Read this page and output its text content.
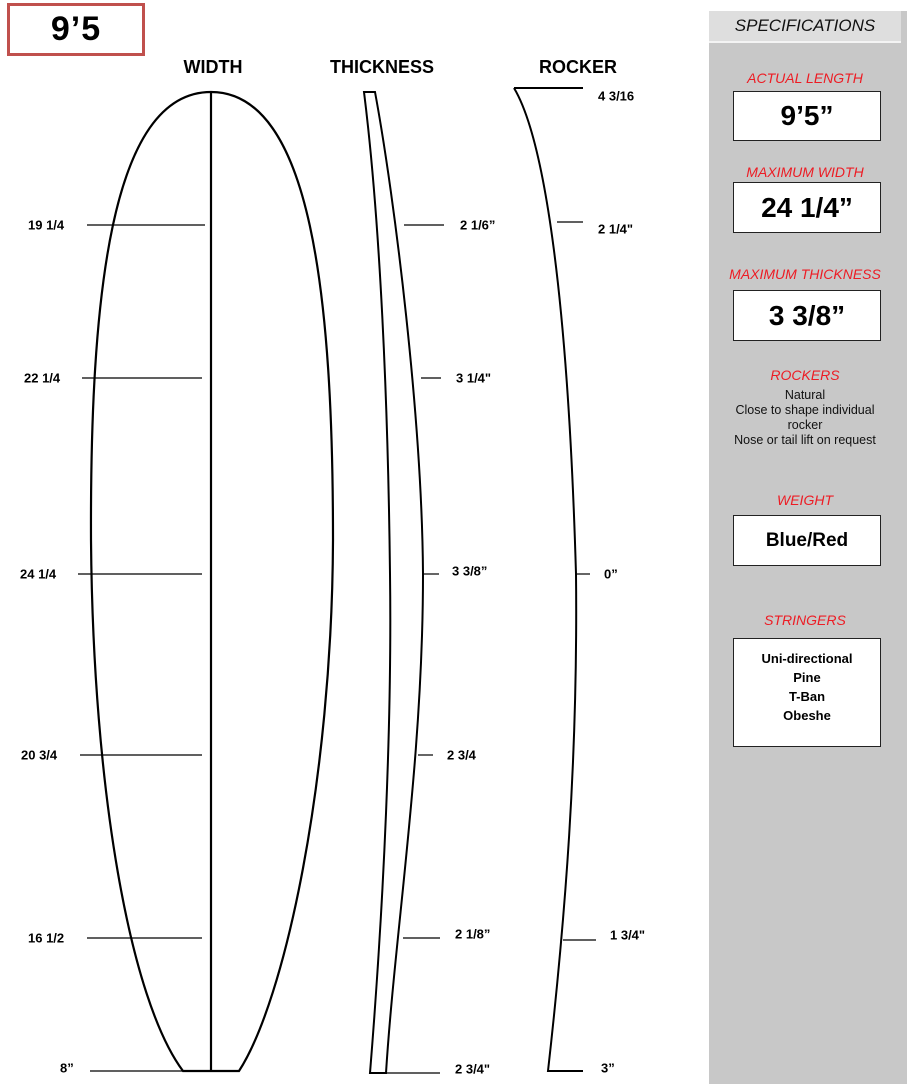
9’5
WIDTH	THICKNESS	ROCKER
19 1/4
22 1/4
24 1/4
20 3/4
16 1/2
8”
2 1/6”
3 1/4"
3 3/8”
2 3/4
2 1/8”
2 3/4"
4 3/16
2 1/4"
0”
1 3/4"
3”
SPECIFICATIONS
ACTUAL LENGTH
9’5”
MAXIMUM WIDTH
24 1/4”
MAXIMUM THICKNESS
3 3/8”
ROCKERS
Natural
Close to shape individual
rocker
Nose or tail lift on request
WEIGHT
Blue/Red
STRINGERS
Uni-directional
Pine
T-Ban
Obeshe
